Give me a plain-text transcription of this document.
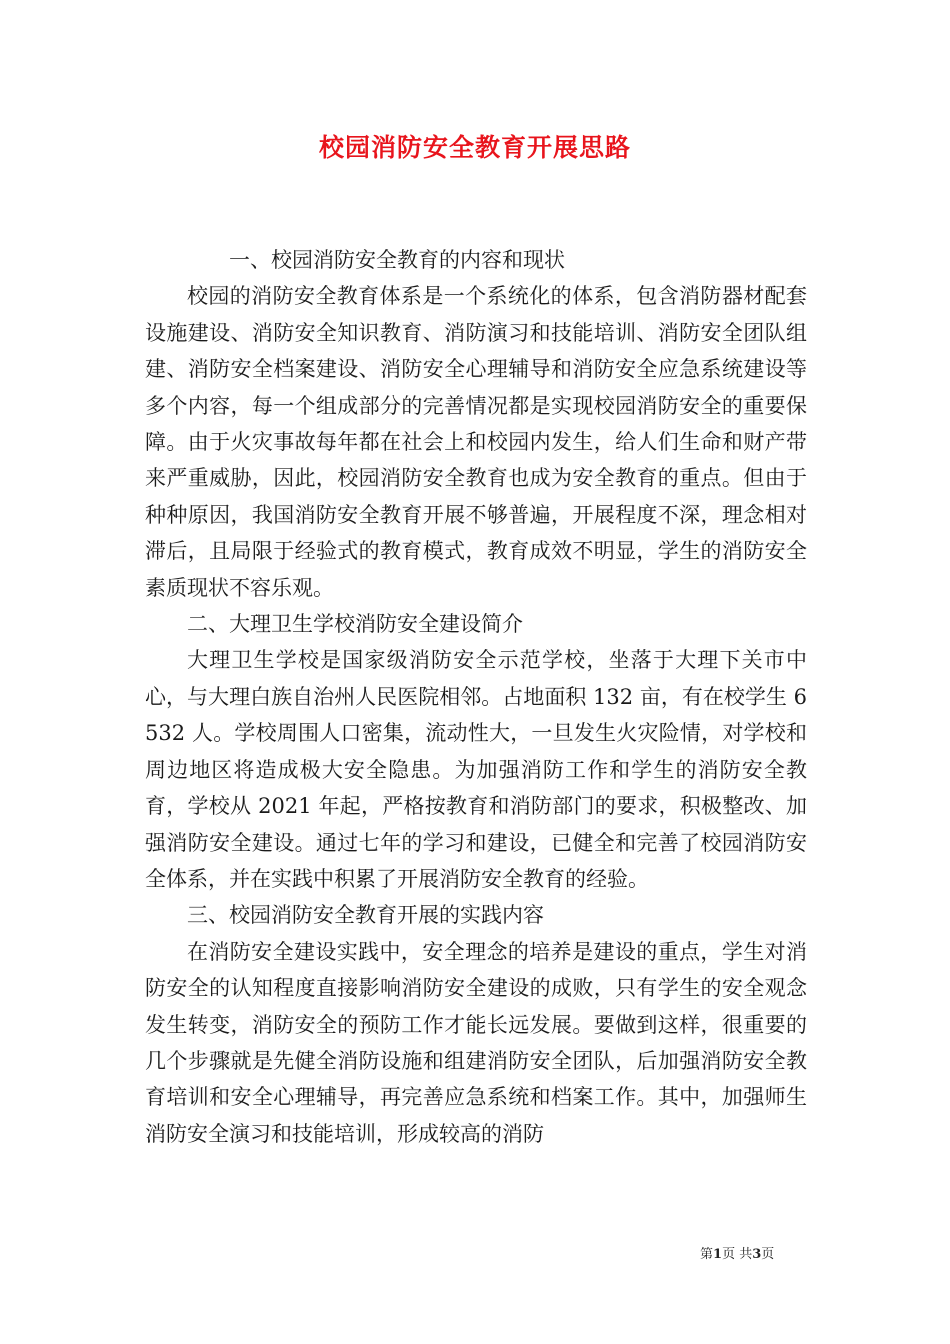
校园消防安全教育开展思路

一、校园消防安全教育的内容和现状

校园的消防安全教育体系是一个系统化的体系，包含消防器材配套设施建设、消防安全知识教育、消防演习和技能培训、消防安全团队组建、消防安全档案建设、消防安全心理辅导和消防安全应急系统建设等多个内容，每一个组成部分的完善情况都是实现校园消防安全的重要保障。由于火灾事故每年都在社会上和校园内发生，给人们生命和财产带来严重威胁，因此，校园消防安全教育也成为安全教育的重点。但由于种种原因，我国消防安全教育开展不够普遍，开展程度不深，理念相对滞后，且局限于经验式的教育模式，教育成效不明显，学生的消防安全素质现状不容乐观。

二、大理卫生学校消防安全建设简介

大理卫生学校是国家级消防安全示范学校，坐落于大理下关市中心，与大理白族自治州人民医院相邻。占地面积 132 亩，有在校学生 6532 人。学校周围人口密集，流动性大，一旦发生火灾险情，对学校和周边地区将造成极大安全隐患。为加强消防工作和学生的消防安全教育，学校从 2021 年起，严格按教育和消防部门的要求，积极整改、加强消防安全建设。通过七年的学习和建设，已健全和完善了校园消防安全体系，并在实践中积累了开展消防安全教育的经验。

三、校园消防安全教育开展的实践内容

在消防安全建设实践中，安全理念的培养是建设的重点，学生对消防安全的认知程度直接影响消防安全建设的成败，只有学生的安全观念发生转变，消防安全的预防工作才能长远发展。要做到这样，很重要的几个步骤就是先健全消防设施和组建消防安全团队，后加强消防安全教育培训和安全心理辅导，再完善应急系统和档案工作。其中，加强师生消防安全演习和技能培训，形成较高的消防

第1页 共3页
